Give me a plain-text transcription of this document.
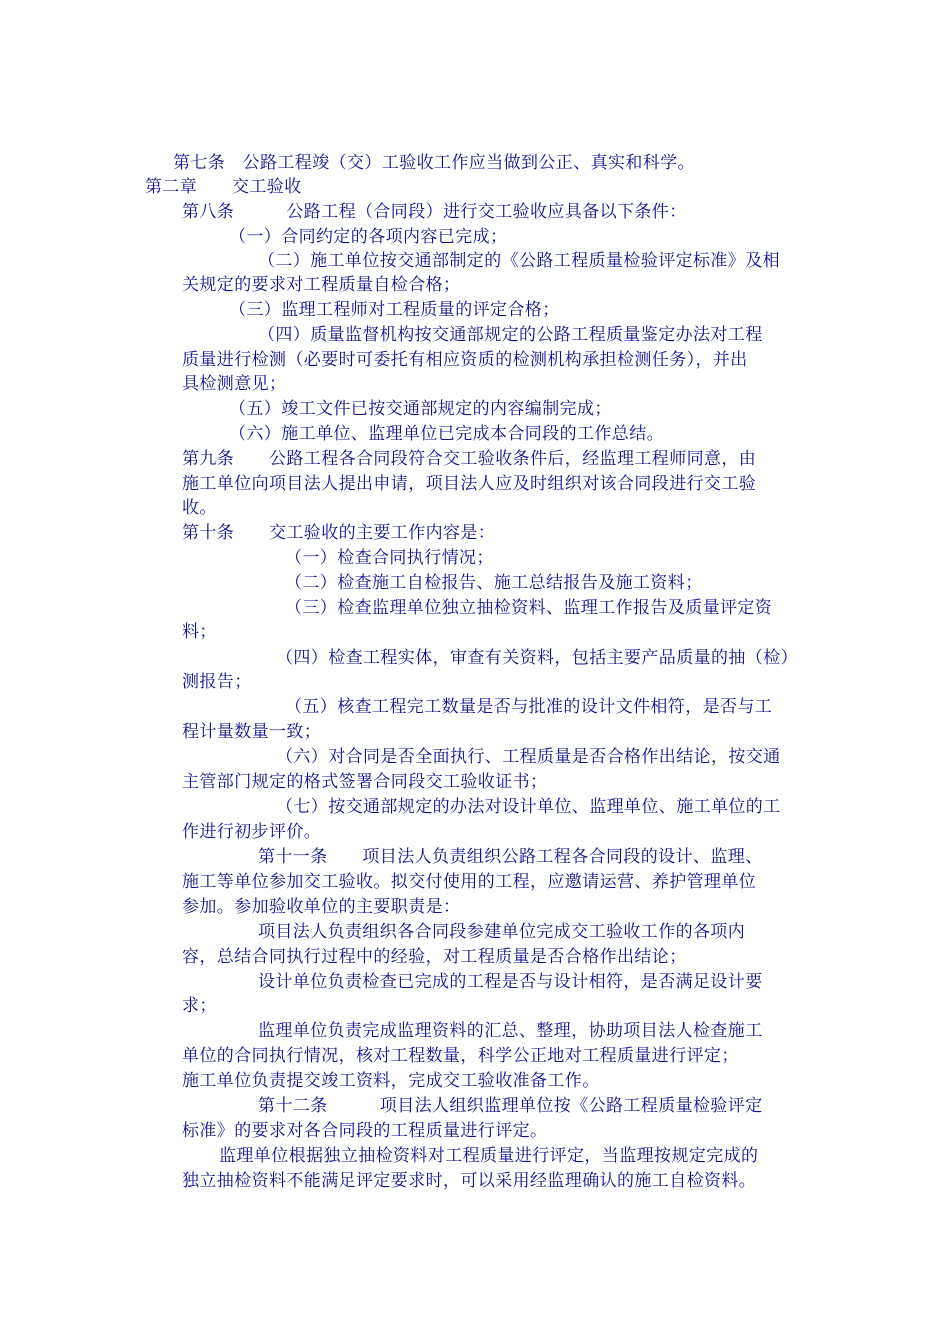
第七条　公路工程竣（交）工验收工作应当做到公正、真实和科学。
第二章　　交工验收
第八条　　　公路工程（合同段）进行交工验收应具备以下条件：
（一）合同约定的各项内容已完成；
（二）施工单位按交通部制定的《公路工程质量检验评定标准》及相
关规定的要求对工程质量自检合格；
（三）监理工程师对工程质量的评定合格；
（四）质量监督机构按交通部规定的公路工程质量鉴定办法对工程
质量进行检测（必要时可委托有相应资质的检测机构承担检测任务），并出
具检测意见；
（五）竣工文件已按交通部规定的内容编制完成；
（六）施工单位、监理单位已完成本合同段的工作总结。
第九条　　公路工程各合同段符合交工验收条件后，经监理工程师同意，由
施工单位向项目法人提出申请，项目法人应及时组织对该合同段进行交工验
收。
第十条　　交工验收的主要工作内容是：
（一）检查合同执行情况；
（二）检查施工自检报告、施工总结报告及施工资料；
（三）检查监理单位独立抽检资料、监理工作报告及质量评定资
料；
（四）检查工程实体，审查有关资料，包括主要产品质量的抽（检）
测报告；
（五）核查工程完工数量是否与批准的设计文件相符，是否与工
程计量数量一致；
（六）对合同是否全面执行、工程质量是否合格作出结论，按交通
主管部门规定的格式签署合同段交工验收证书；
（七）按交通部规定的办法对设计单位、监理单位、施工单位的工
作进行初步评价。
第十一条　　项目法人负责组织公路工程各合同段的设计、监理、
施工等单位参加交工验收。拟交付使用的工程，应邀请运营、养护管理单位
参加。参加验收单位的主要职责是：
项目法人负责组织各合同段参建单位完成交工验收工作的各项内
容，总结合同执行过程中的经验，对工程质量是否合格作出结论；
设计单位负责检查已完成的工程是否与设计相符，是否满足设计要
求；
监理单位负责完成监理资料的汇总、整理，协助项目法人检查施工
单位的合同执行情况，核对工程数量，科学公正地对工程质量进行评定；
施工单位负责提交竣工资料，完成交工验收准备工作。
第十二条　　　项目法人组织监理单位按《公路工程质量检验评定
标准》的要求对各合同段的工程质量进行评定。
监理单位根据独立抽检资料对工程质量进行评定，当监理按规定完成的
独立抽检资料不能满足评定要求时，可以采用经监理确认的施工自检资料。
